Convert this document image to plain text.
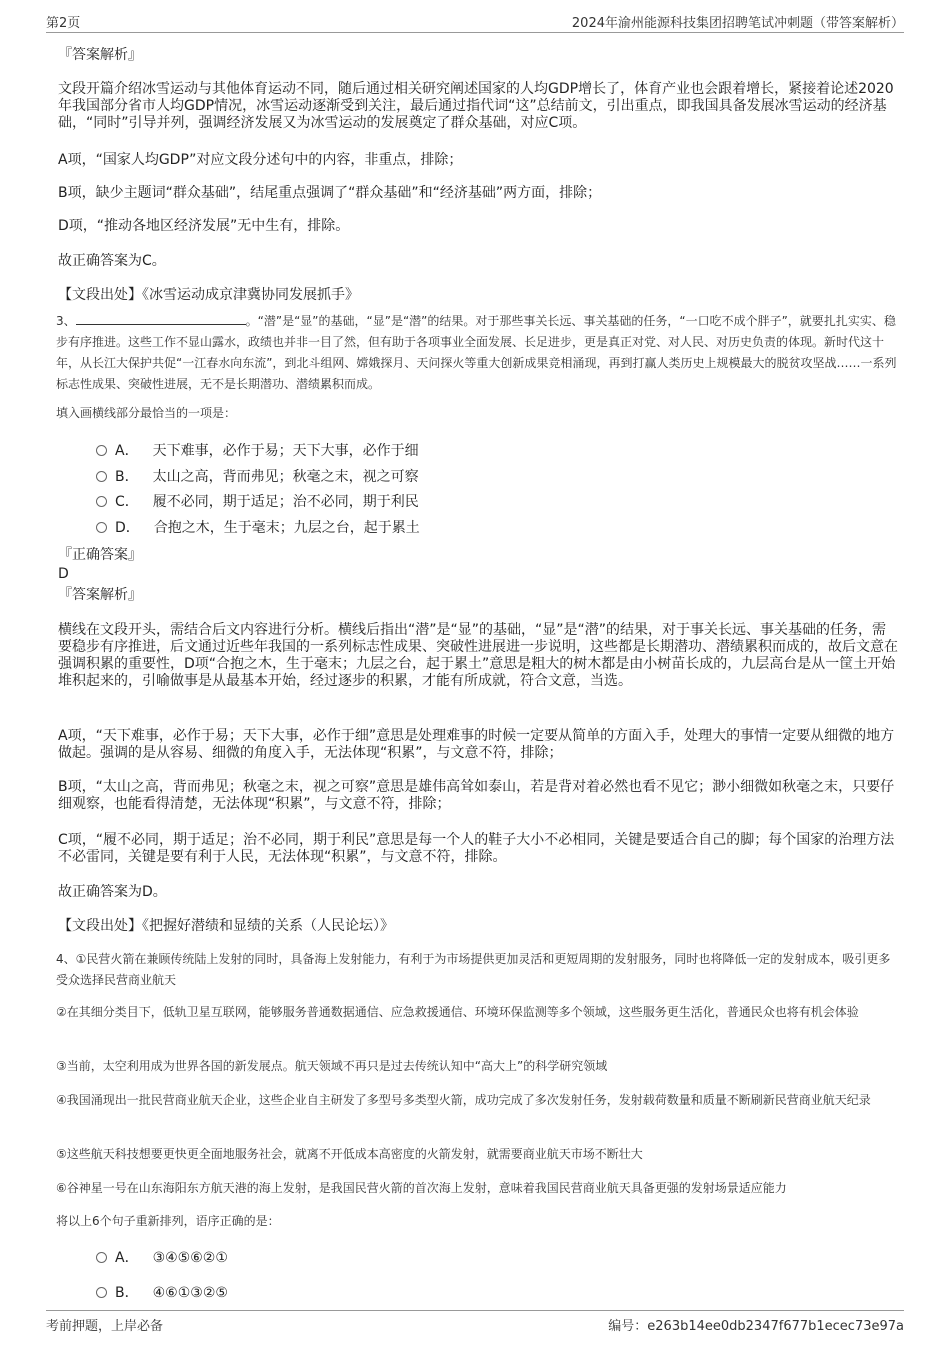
第2页	2024年渝州能源科技集团招聘笔试冲刺题（带答案解析）
『答案解析』
文段开篇介绍冰雪运动与其他体育运动不同，随后通过相关研究阐述国家的人均GDP增长了，体育产业也会跟着增长，紧接着论述2020年我国部分省市人均GDP情况，冰雪运动逐渐受到关注，最后通过指代词“这”总结前文，引出重点，即我国具备发展冰雪运动的经济基础，“同时”引导并列，强调经济发展又为冰雪运动的发展奠定了群众基础，对应C项。
A项，“国家人均GDP”对应文段分述句中的内容，非重点，排除；
B项，缺少主题词“群众基础”，结尾重点强调了“群众基础”和“经济基础”两方面，排除；
D项，“推动各地区经济发展”无中生有，排除。
故正确答案为C。
【文段出处】《冰雪运动成京津冀协同发展抓手》
3、	。“潜”是“显”的基础，“显”是“潜”的结果。对于那些事关长远、事关基础的任务，“一口吃不成个胖子”，就要扎扎实实、稳步有序推进。这些工作不显山露水，政绩也并非一目了然，但有助于各项事业全面发展、长足进步，更是真正对党、对人民、对历史负责的体现。新时代这十年，从长江大保护共促“一江春水向东流”，到北斗组网、嫦娥探月、天问探火等重大创新成果竞相涌现，再到打赢人类历史上规模最大的脱贫攻坚战……一系列标志性成果、突破性进展，无不是长期潜功、潜绩累积而成。
填入画横线部分最恰当的一项是：
A． 天下难事，必作于易；天下大事，必作于细
B． 太山之高，背而弗见；秋毫之末，视之可察
C． 履不必同，期于适足；治不必同，期于利民
D． 合抱之木，生于毫末；九层之台，起于累土
『正确答案』
D
『答案解析』
横线在文段开头，需结合后文内容进行分析。横线后指出“潜”是“显”的基础，“显”是“潜”的结果，对于事关长远、事关基础的任务，需要稳步有序推进，后文通过近些年我国的一系列标志性成果、突破性进展进一步说明，这些都是长期潜功、潜绩累积而成的，故后文意在强调积累的重要性，D项“合抱之木，生于毫末；九层之台，起于累土”意思是粗大的树木都是由小树苗长成的，九层高台是从一筐土开始堆积起来的，引喻做事是从最基本开始，经过逐步的积累，才能有所成就，符合文意，当选。
A项，“天下难事，必作于易；天下大事，必作于细”意思是处理难事的时候一定要从简单的方面入手，处理大的事情一定要从细微的地方做起。强调的是从容易、细微的角度入手，无法体现“积累”，与文意不符，排除；
B项，“太山之高，背而弗见；秋毫之末，视之可察”意思是雄伟高耸如泰山，若是背对着必然也看不见它；渺小细微如秋毫之末，只要仔细观察，也能看得清楚，无法体现“积累”，与文意不符，排除；
C项，“履不必同，期于适足；治不必同，期于利民”意思是每一个人的鞋子大小不必相同，关键是要适合自己的脚；每个国家的治理方法不必雷同，关键是要有利于人民，无法体现“积累”，与文意不符，排除。
故正确答案为D。
【文段出处】《把握好潜绩和显绩的关系（人民论坛）》
4、①民营火箭在兼顾传统陆上发射的同时，具备海上发射能力，有利于为市场提供更加灵活和更短周期的发射服务，同时也将降低一定的发射成本，吸引更多受众选择民营商业航天
②在其细分类目下，低轨卫星互联网，能够服务普通数据通信、应急救援通信、环境环保监测等多个领域，这些服务更生活化，普通民众也将有机会体验
③当前，太空利用成为世界各国的新发展点。航天领域不再只是过去传统认知中“高大上”的科学研究领域
④我国涌现出一批民营商业航天企业，这些企业自主研发了多型号多类型火箭，成功完成了多次发射任务，发射载荷数量和质量不断刷新民营商业航天纪录
⑤这些航天科技想要更快更全面地服务社会，就离不开低成本高密度的火箭发射，就需要商业航天市场不断壮大
⑥谷神星一号在山东海阳东方航天港的海上发射，是我国民营火箭的首次海上发射，意味着我国民营商业航天具备更强的发射场景适应能力
将以上6个句子重新排列，语序正确的是：
A． ③④⑤⑥②①
B． ④⑥①③②⑤
考前押题，上岸必备	编号：e263b14ee0db2347f677b1ecec73e97a
